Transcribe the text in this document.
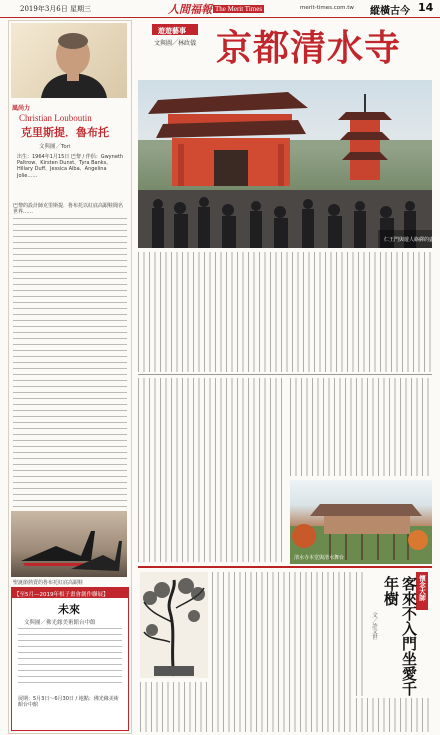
2019年3月6日 星期三	人間福報 The Merit Times	merit-times.com.tw 縱橫古今 14
風尚力
Christian Louboutin
克里斯提．魯布托
文與圖／Tori
出生：1964年1月15日 巴黎 / 伴侶：Gwyneth Paltrow、Kirsten Dunst、Tyra Banks、Hillary Duff、Jessica Alba、Angelina Jolie……
巴黎的設計師克里斯提．魯布托以紅底高跟鞋聞名世界……
聖誕節熱賣的魯布托紅底高跟鞋
【至5月—2019年根子畫會創作聯展】
未來
文與圖／佛光緣美術館台中館
展期：5月3日～6月30日 / 地點：佛光緣美術館台中館
遊遊藝事
文與圖／林政儀 京都清水寺
仁王門與遊人絡繹的盛況
清水寺本堂與清水舞台
懷念大師
客來不入門坐愛千年樹
文／許文世
